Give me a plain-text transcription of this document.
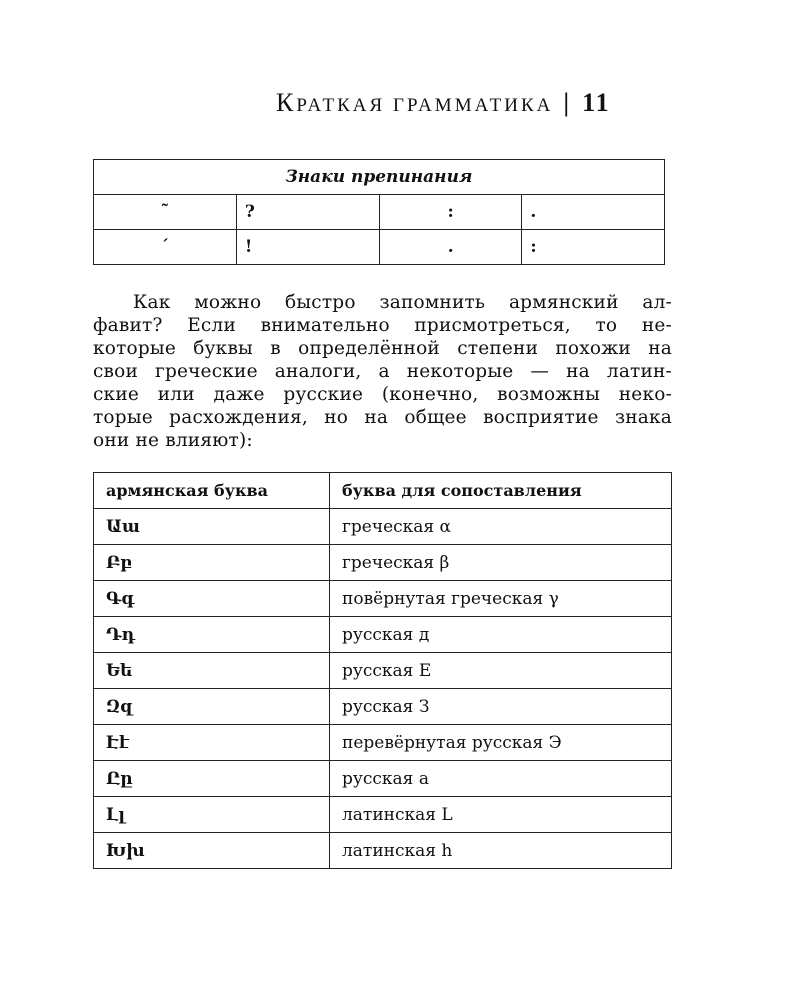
КРАТКАЯ ГРАММАТИКА | 11
Знаки препинания			
˜	?	:	.
´	!	.	:

Как можно быстро запомнить армянский ал-
фавит? Если внимательно присмотреться, то не-
которые буквы в определённой степени похожи на
свои греческие аналоги, а некоторые — на латин-
ские или даже русские (конечно, возможны некo-
торые расхождения, но на общее восприятие знака
они не влияют):

армянская буква	буква для сопоставления
Աա	греческая α
Բբ	греческая β
Գգ	повёрнутая греческая γ
Դդ	русская д
Եե	русская Е
Զզ	русская З
Էէ	перевёрнутая русская Э
Ըը	русская а
Լլ	латинская L
Խխ	латинская h
